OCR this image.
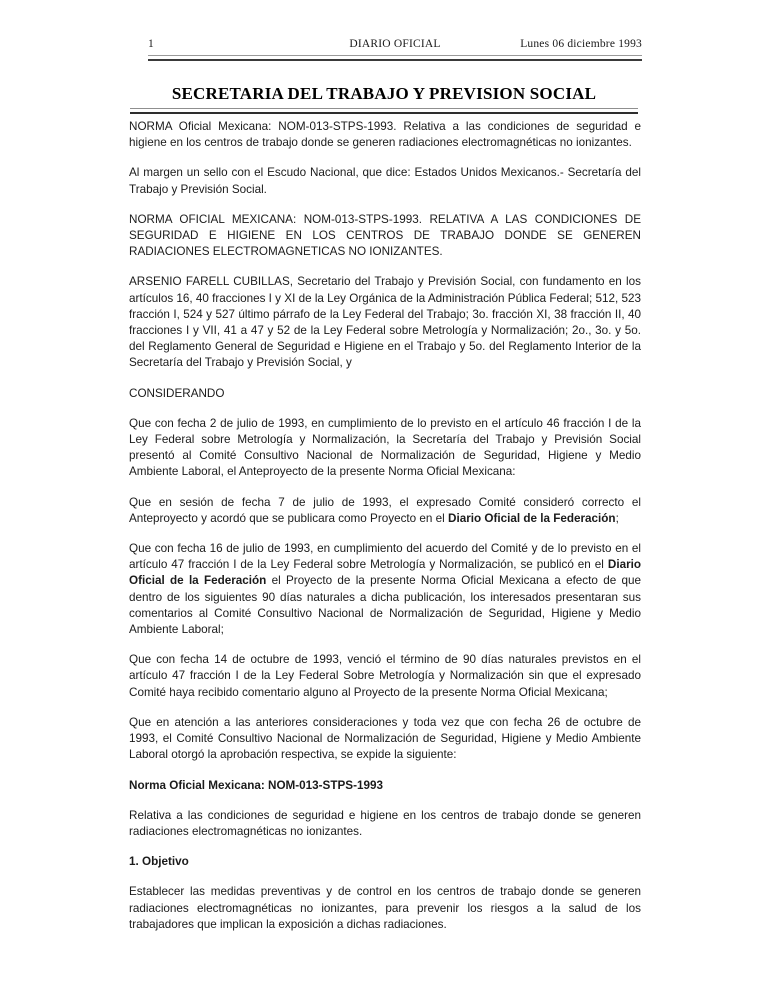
1	DIARIO OFICIAL	Lunes 06 diciembre 1993
SECRETARIA DEL TRABAJO Y PREVISION SOCIAL

NORMA Oficial Mexicana: NOM-013-STPS-1993. Relativa a las condiciones de seguridad e higiene en los centros de trabajo donde se generen radiaciones electromagnéticas no ionizantes.

Al margen un sello con el Escudo Nacional, que dice: Estados Unidos Mexicanos.- Secretaría del Trabajo y Previsión Social.

NORMA OFICIAL MEXICANA: NOM-013-STPS-1993. RELATIVA A LAS CONDICIONES DE SEGURIDAD E HIGIENE EN LOS CENTROS DE TRABAJO DONDE SE GENEREN RADIACIONES ELECTROMAGNETICAS NO IONIZANTES.

ARSENIO FARELL CUBILLAS, Secretario del Trabajo y Previsión Social, con fundamento en los artículos 16, 40 fracciones I y XI de la Ley Orgánica de la Administración Pública Federal; 512, 523 fracción I, 524 y 527 último párrafo de la Ley Federal del Trabajo; 3o. fracción XI, 38 fracción II, 40 fracciones I y VII, 41 a 47 y 52 de la Ley Federal sobre Metrología y Normalización; 2o., 3o. y 5o. del Reglamento General de Seguridad e Higiene en el Trabajo y 5o. del Reglamento Interior de la Secretaría del Trabajo y Previsión Social, y

CONSIDERANDO

Que con fecha 2 de julio de 1993, en cumplimiento de lo previsto en el artículo 46 fracción I de la Ley Federal sobre Metrología y Normalización, la Secretaría del Trabajo y Previsión Social presentó al Comité Consultivo Nacional de Normalización de Seguridad, Higiene y Medio Ambiente Laboral, el Anteproyecto de la presente Norma Oficial Mexicana:

Que en sesión de fecha 7 de julio de 1993, el expresado Comité consideró correcto el Anteproyecto y acordó que se publicara como Proyecto en el Diario Oficial de la Federación;

Que con fecha 16 de julio de 1993, en cumplimiento del acuerdo del Comité y de lo previsto en el artículo 47 fracción I de la Ley Federal sobre Metrología y Normalización, se publicó en el Diario Oficial de la Federación el Proyecto de la presente Norma Oficial Mexicana a efecto de que dentro de los siguientes 90 días naturales a dicha publicación, los interesados presentaran sus comentarios al Comité Consultivo Nacional de Normalización de Seguridad, Higiene y Medio Ambiente Laboral;

Que con fecha 14 de octubre de 1993, venció el término de 90 días naturales previstos en el artículo 47 fracción I de la Ley Federal Sobre Metrología y Normalización sin que el expresado Comité haya recibido comentario alguno al Proyecto de la presente Norma Oficial Mexicana;

Que en atención a las anteriores consideraciones y toda vez que con fecha 26 de octubre de 1993, el Comité Consultivo Nacional de Normalización de Seguridad, Higiene y Medio Ambiente Laboral otorgó la aprobación respectiva, se expide la siguiente:

Norma Oficial Mexicana: NOM-013-STPS-1993

Relativa a las condiciones de seguridad e higiene en los centros de trabajo donde se generen radiaciones electromagnéticas no ionizantes.

1. Objetivo

Establecer las medidas preventivas y de control en los centros de trabajo donde se generen radiaciones electromagnéticas no ionizantes, para prevenir los riesgos a la salud de los trabajadores que implican la exposición a dichas radiaciones.
